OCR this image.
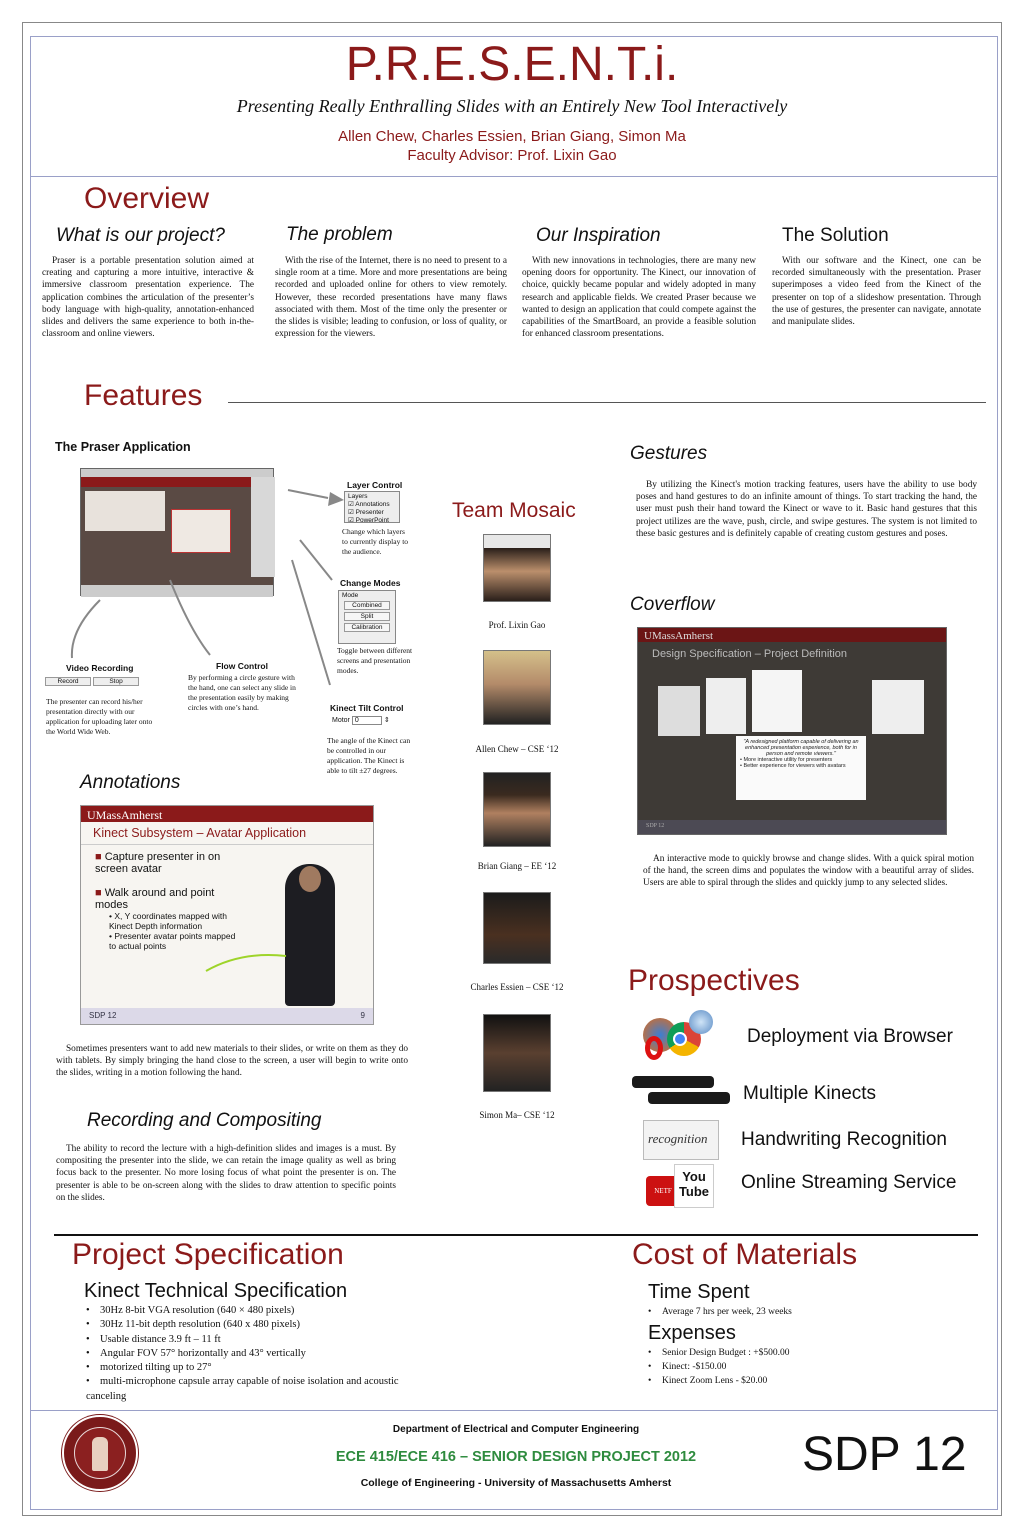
P.R.E.S.E.N.T.i.
Presenting Really Enthralling Slides with an Entirely New Tool Interactively
Allen Chew, Charles Essien, Brian Giang, Simon Ma
Faculty Advisor: Prof. Lixin Gao
Overview
What is our project?
Praser is a portable presentation solution aimed at creating and capturing a more intuitive, interactive & immersive classroom presentation experience. The application combines the articulation of the presenter’s body language with high-quality, annotation-enhanced slides and delivers the same experience to both in-the-classroom and online viewers.
The problem
With the rise of the Internet, there is no need to present to a single room at a time. More and more presentations are being recorded and uploaded online for others to view remotely. However, these recorded presentations have many flaws associated with them. Most of the time only the presenter or the slides is visible; leading to confusion, or loss of quality, or expression for the viewers.
Our Inspiration
With new innovations in technologies, there are many new opening doors for opportunity. The Kinect, our innovation of choice, quickly became popular and widely adopted in many research and applicable fields. We created Praser because we wanted to design an application that could compete against the capabilities of the SmartBoard, an provide a feasible solution for enhanced classroom presentations.
The Solution
With our software and the Kinect, one can be recorded simultaneously with the presentation. Praser superimposes a video feed from the Kinect of the presenter on top of a slideshow presentation. Through the use of gestures, the presenter can navigate, annotate and manipulate slides.
Features
The Praser Application
Layer Control
Layers
☑ Annotations
☑ Presenter
☑ PowerPoint
Change which layers to currently display to the audience.
Change Modes
Mode
Combined
Split
Calibration
Toggle between different screens and presentation modes.
Kinect Tilt Control
Motor 0	⇕
The angle of the Kinect can be controlled in our application. The Kinect is able to tilt ±27 degrees.
Flow Control
By performing a circle gesture with the hand, one can select any slide in the presentation easily by making circles with one’s hand.
Video Recording
Record	Stop
The presenter can record his/her presentation directly with our application for uploading later onto the World Wide Web.
Annotations
UMassAmherst
Kinect Subsystem – Avatar Application
■ Capture presenter in on screen avatar
■ Walk around and point modes
• X, Y coordinates mapped with Kinect Depth information
• Presenter avatar points mapped to actual points
SDP 12	9
Sometimes presenters want to add new materials to their slides, or write on them as they do with tablets. By simply bringing the hand close to the screen, a user will begin to write onto the slides, writing in a motion following the hand.
Recording and Compositing
The ability to record the lecture with a high-definition slides and images is a must. By compositing the presenter into the slide, we can retain the image quality as well as bring focus back to the presenter. No more losing focus of what point the presenter is on. The presenter is able to be on-screen along with the slides to draw attention to specific points on the slides.
Team Mosaic
Prof. Lixin Gao
Allen Chew – CSE ‘12
Brian Giang – EE ‘12
Charles Essien – CSE ‘12
Simon Ma– CSE ‘12
Gestures
By utilizing the Kinect's motion tracking features, users have the ability to use body poses and hand gestures to do an infinite amount of things. To start tracking the hand, the user must push their hand toward the Kinect or wave to it. Basic hand gestures that this project utilizes are the wave, push, circle, and swipe gestures. The system is not limited to these basic gestures and is definitely capable of creating custom gestures and poses.
Coverflow
UMassAmherst
Design Specification – Project Definition
"A redesigned platform capable of delivering an enhanced presentation experience, both for in person and remote viewers."
• More interactive utility for presenters
• Better experience for viewers with avatars
SDP 12
An interactive mode to quickly browse and change slides. With a quick spiral motion of the hand, the screen dims and populates the window with a beautiful array of slides. Users are able to spiral through the slides and quickly jump to any selected slides.
Prospectives
Deployment via Browser
Multiple Kinects
recognition	Handwriting Recognition
NETF
You Tube Online Streaming Service
Project Specification
Kinect Technical Specification
• 30Hz 8-bit VGA resolution (640 × 480 pixels)
• 30Hz 11-bit depth resolution (640 x 480 pixels)
• Usable distance 3.9 ft – 11 ft
• Angular FOV 57° horizontally and 43° vertically
• motorized tilting up to 27°
• multi-microphone capsule array capable of noise isolation and acoustic canceling
Cost of Materials
Time Spent
• Average 7 hrs per week, 23 weeks
Expenses
• Senior Design Budget : +$500.00
• Kinect: -$150.00
• Kinect Zoom Lens - $20.00
Department of Electrical and Computer Engineering
ECE 415/ECE 416 – SENIOR DESIGN PROJECT 2012
College of Engineering - University of Massachusetts Amherst
SDP 12
